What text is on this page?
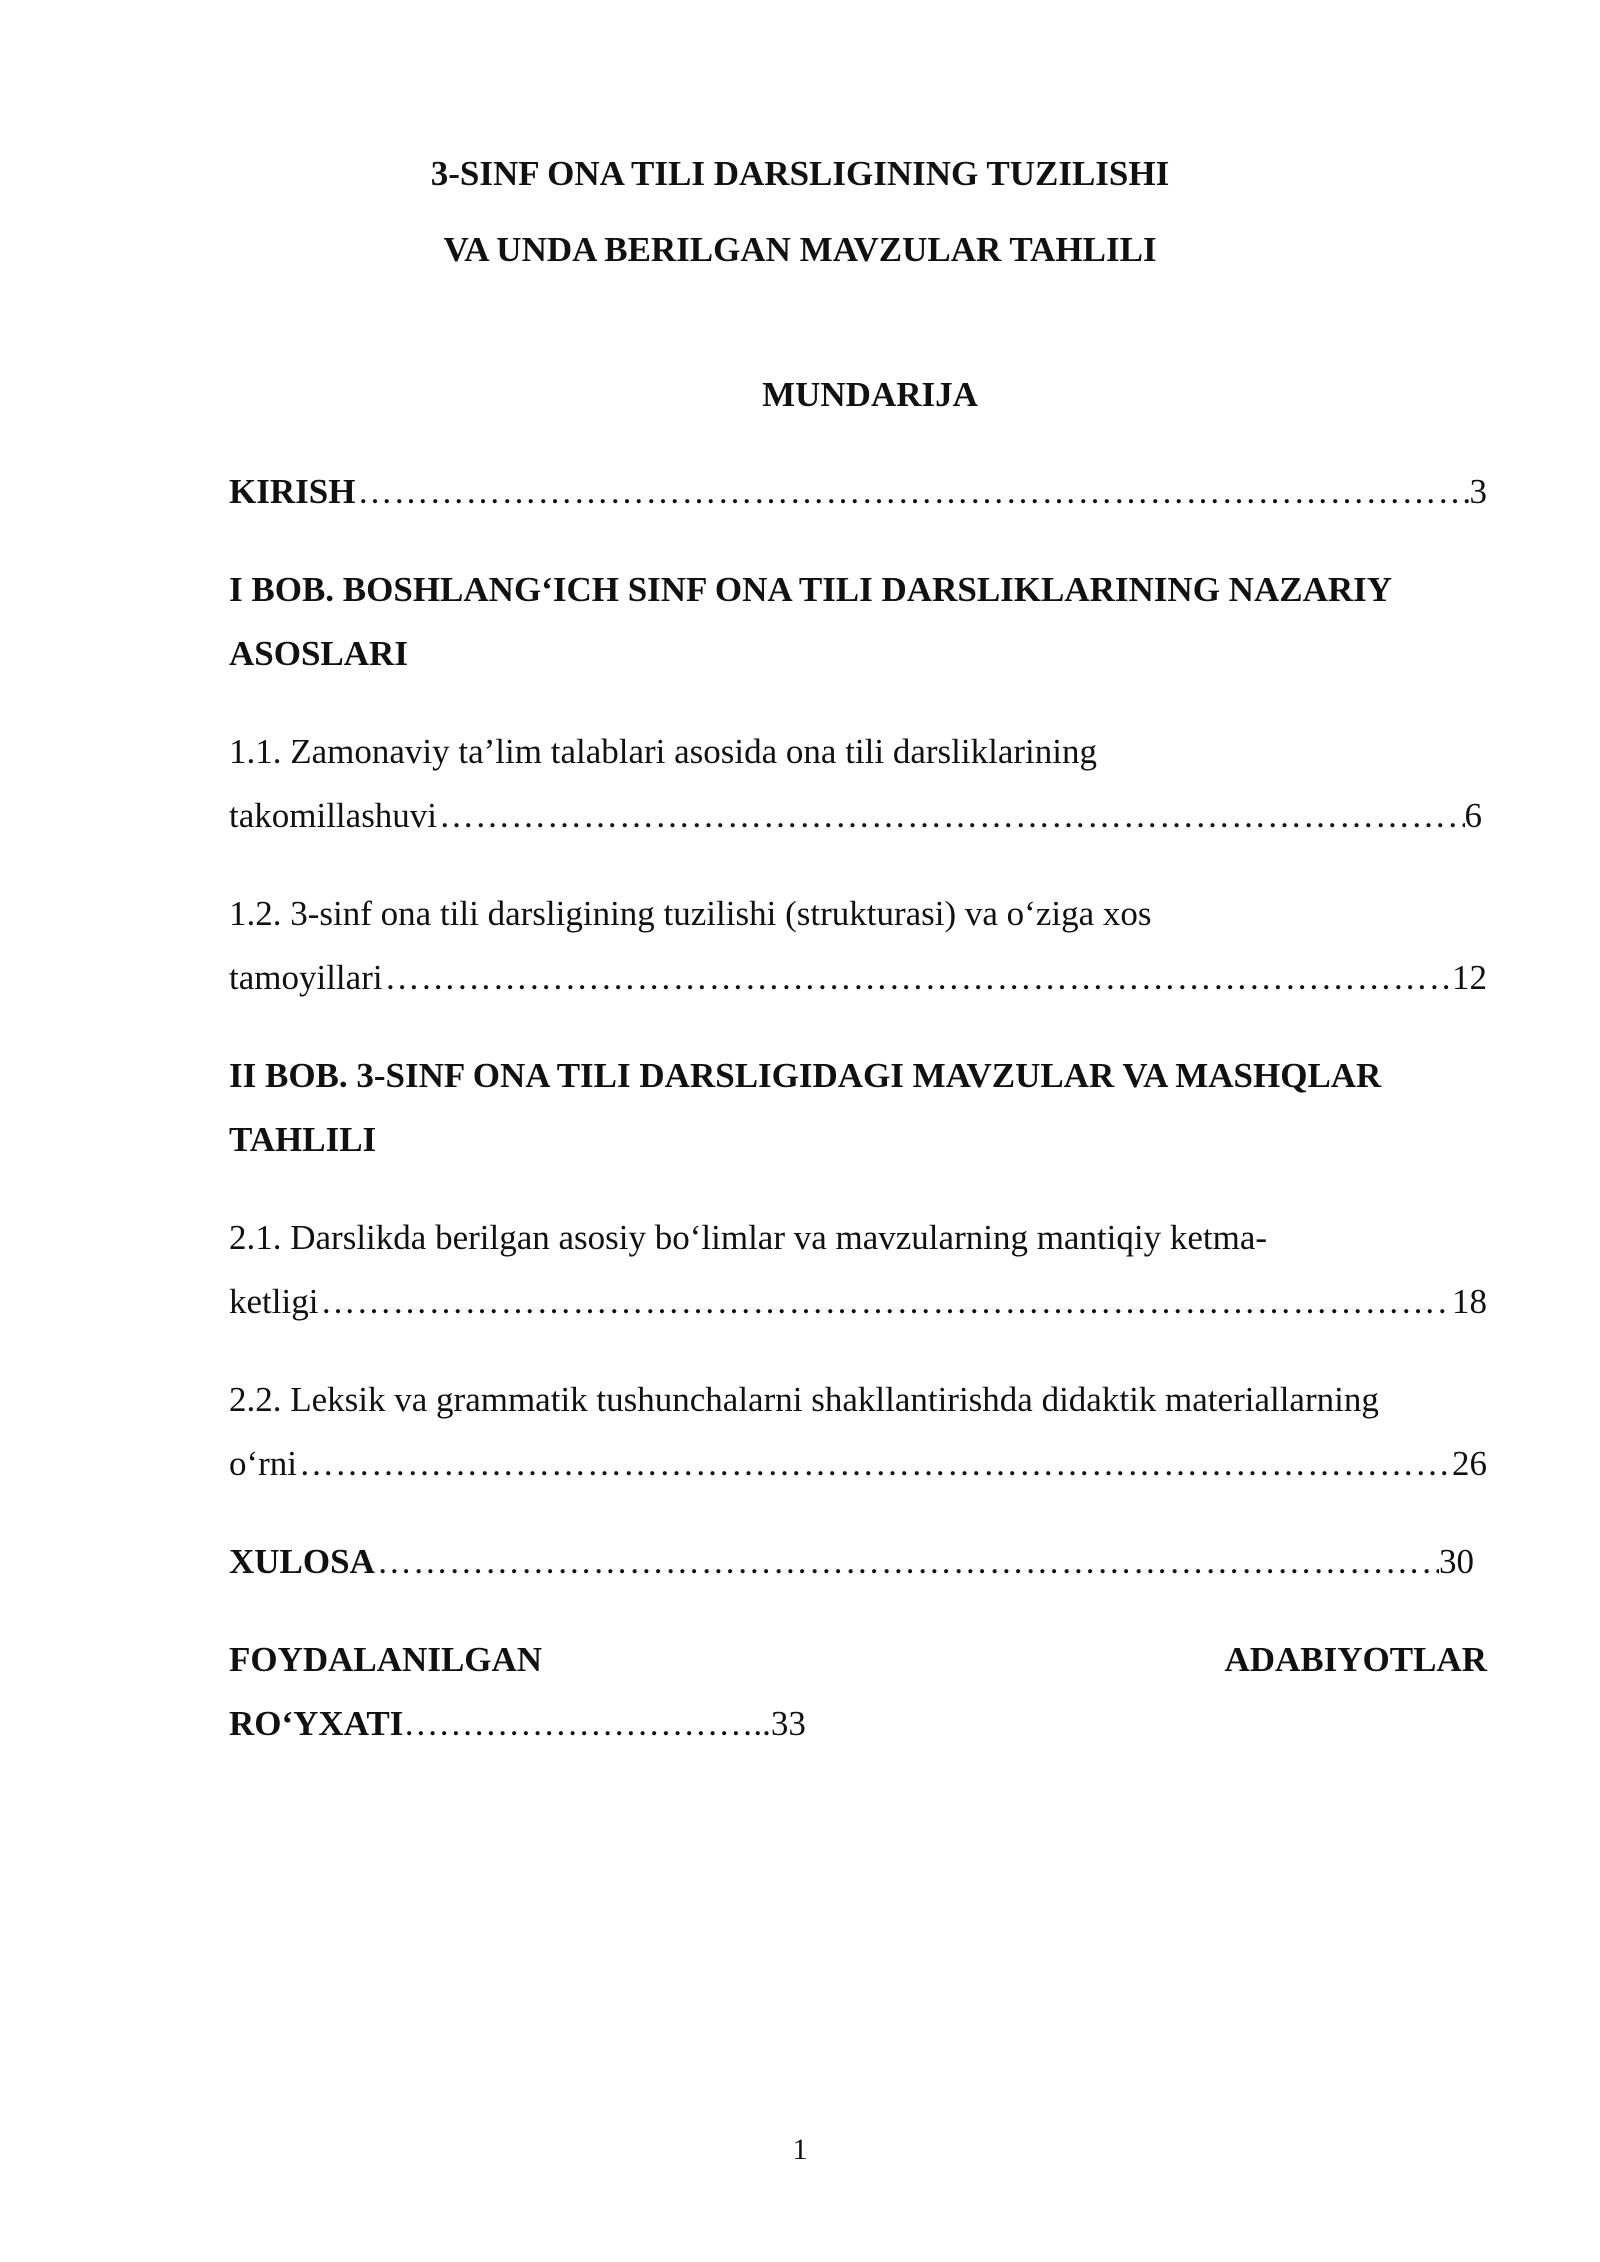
3-SINF ONA TILI DARSLIGINING TUZILISHI
VA UNDA BERILGAN MAVZULAR TAHLILI
MUNDARIJA
KIRISH ……………………………………………………………………………………………………………………………………………	3
I BOB. BOSHLANG‘ICH SINF ONA TILI DARSLIKLARINING NAZARIY
ASOSLARI
1.1. Zamonaviy ta’lim talablari asosida ona tili darsliklarining
takomillashuvi ……………………………………………………………………………………………………………………………………………	6
1.2. 3-sinf ona tili darsligining tuzilishi (strukturasi) va o‘ziga xos
tamoyillari ……………………………………………………………………………………………………………………………………………	12
II BOB. 3-SINF ONA TILI DARSLIGIDAGI MAVZULAR VA MASHQLAR
TAHLILI
2.1. Darslikda berilgan asosiy bo‘limlar va mavzularning mantiqiy ketma-
ketligi ……………………………………………………………………………………………………………………………………………	18
2.2. Leksik va grammatik tushunchalarni shakllantirishda didaktik materiallarning
o‘rni ……………………………………………………………………………………………………………………………………………	26
XULOSA ……………………………………………………………………………………………………………………………………………	30
FOYDALANILGAN	ADABIYOTLAR
RO‘YXATI…………………………..33
1
